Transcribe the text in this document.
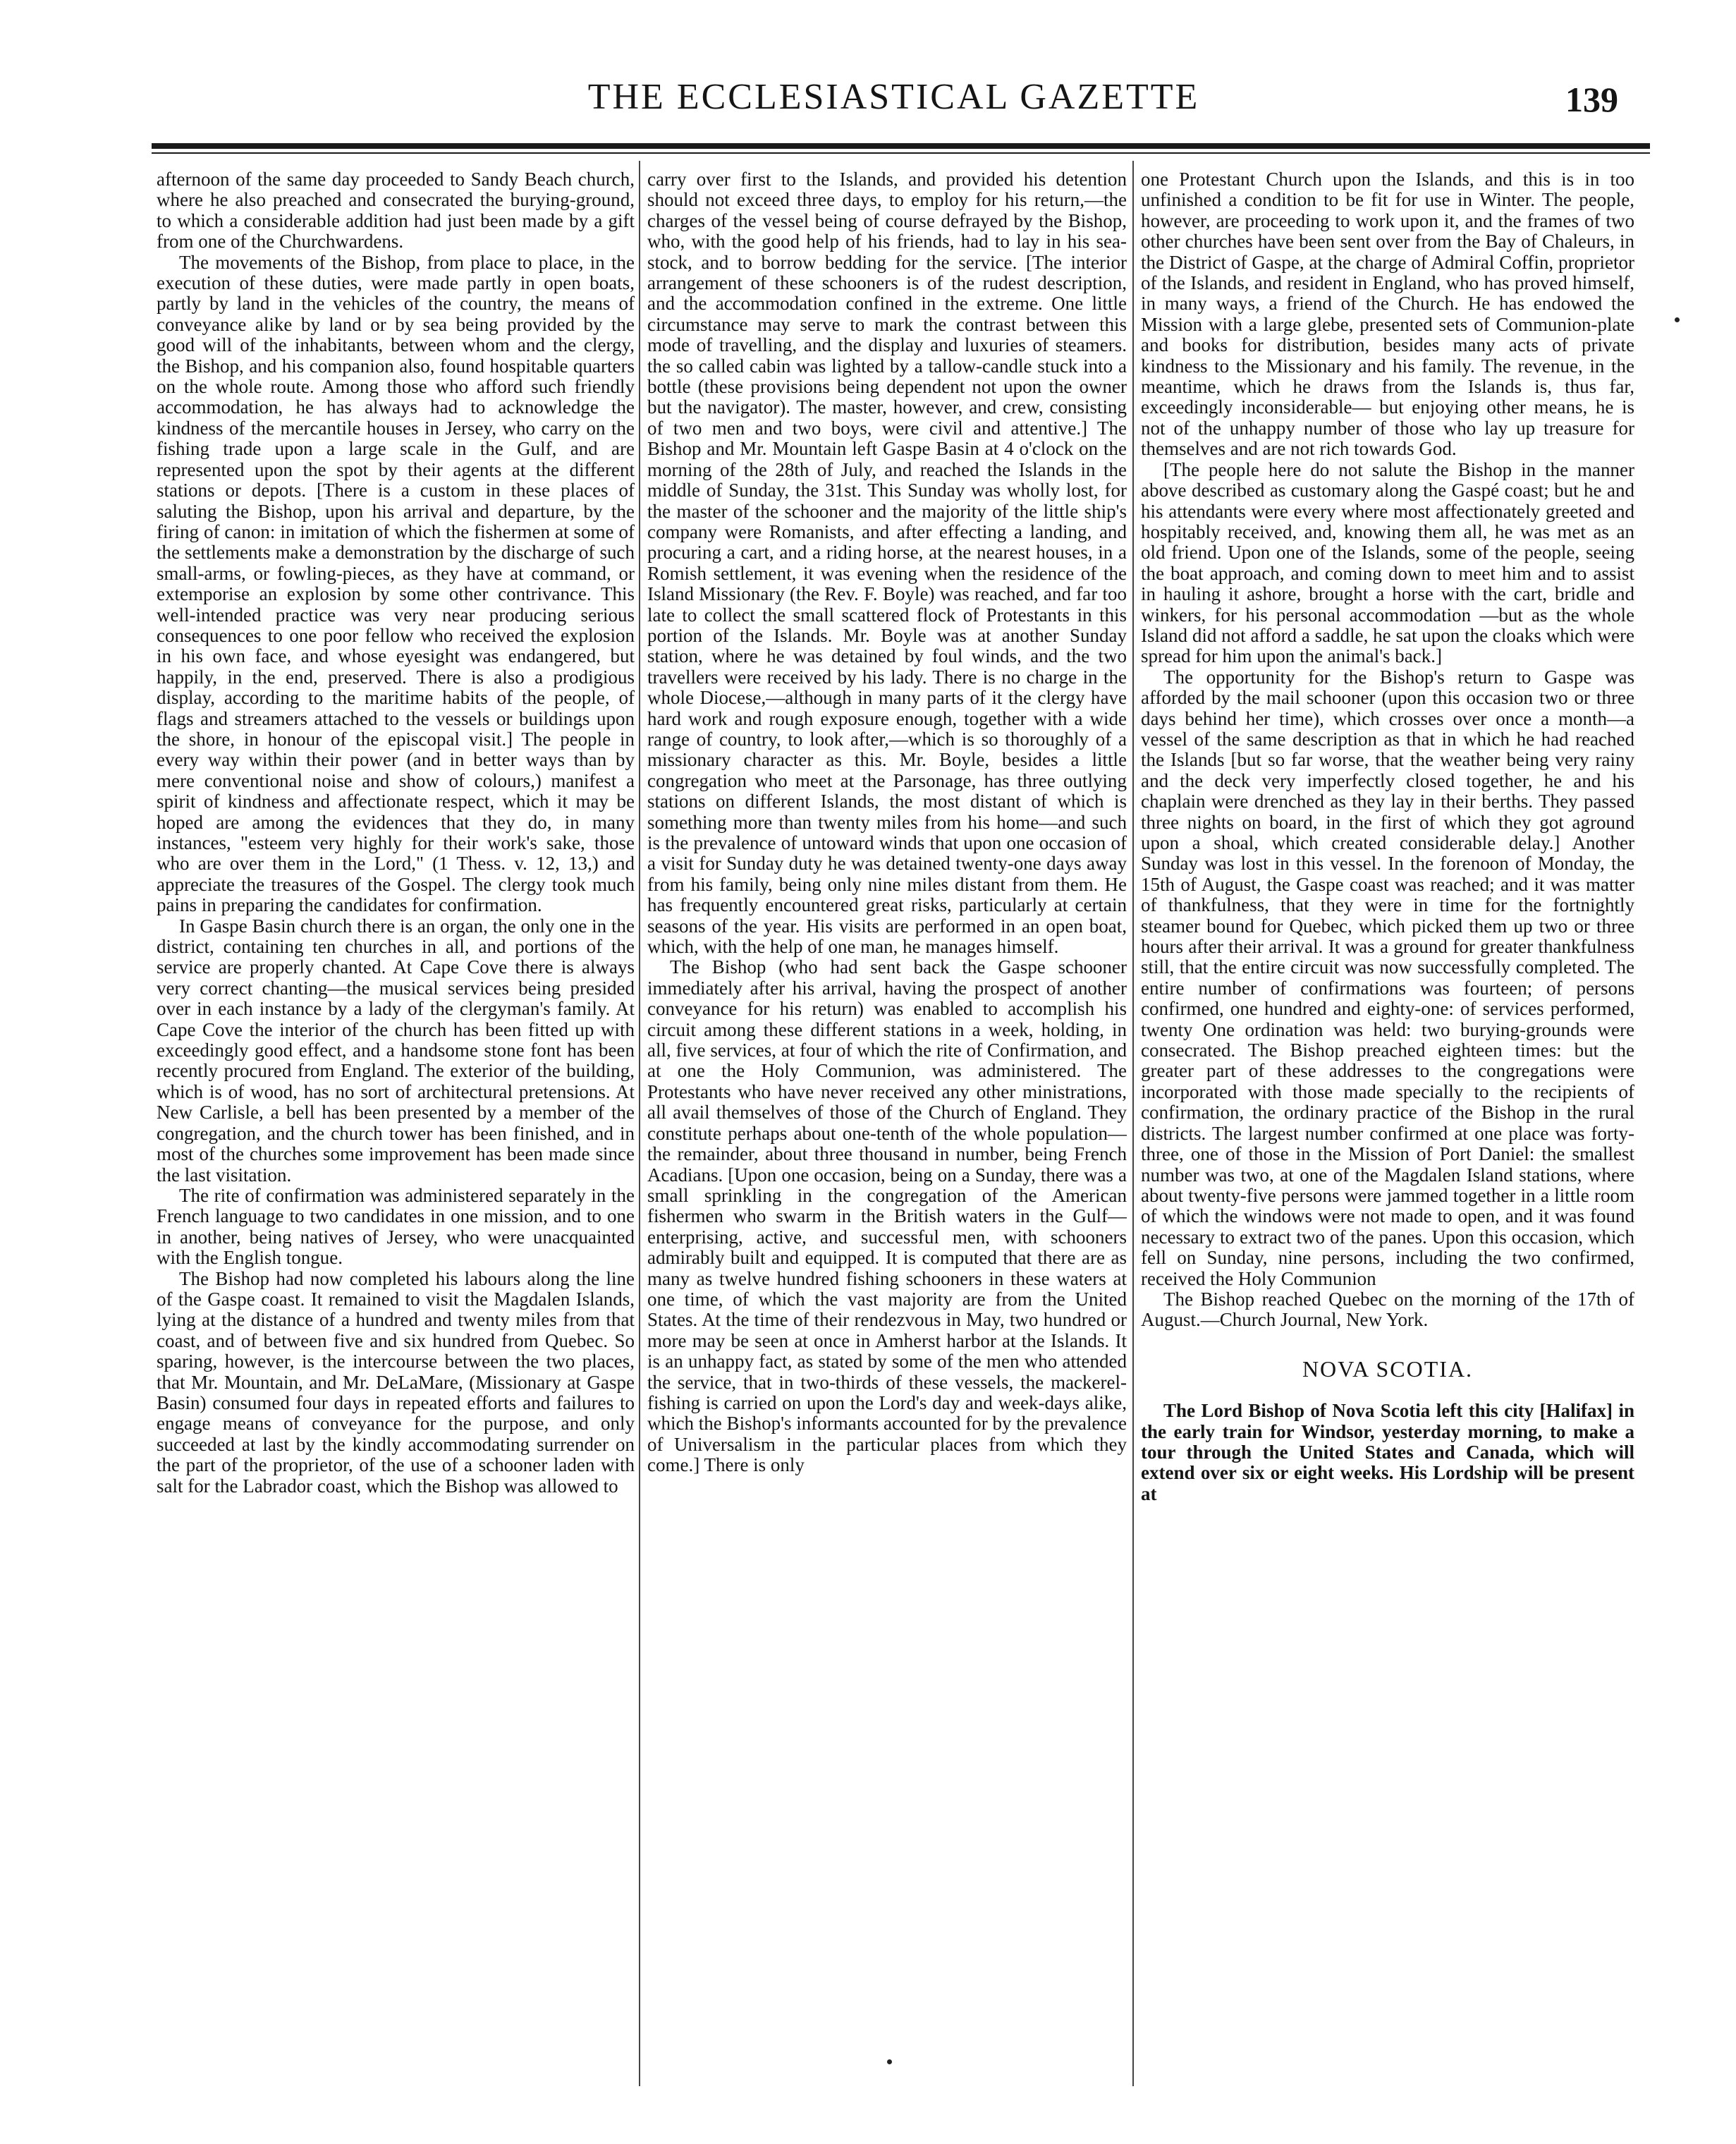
THE ECCLESIASTICAL GAZETTE	139

afternoon of the same day proceeded to Sandy Beach church, where he also preached and consecrated the burying-ground, to which a considerable addition had just been made by a gift from one of the Churchwardens.

The movements of the Bishop, from place to place, in the execution of these duties, were made partly in open boats, partly by land in the vehicles of the country, the means of conveyance alike by land or by sea being provided by the good will of the inhabitants, between whom and the clergy, the Bishop, and his companion also, found hospitable quarters on the whole route. Among those who afford such friendly accommodation, he has always had to acknowledge the kindness of the mercantile houses in Jersey, who carry on the fishing trade upon a large scale in the Gulf, and are represented upon the spot by their agents at the different stations or depots. [There is a custom in these places of saluting the Bishop, upon his arrival and departure, by the firing of canon: in imitation of which the fishermen at some of the settlements make a demonstration by the discharge of such small-arms, or fowling-pieces, as they have at command, or extemporise an explosion by some other contrivance. This well-intended practice was very near producing serious consequences to one poor fellow who received the explosion in his own face, and whose eyesight was endangered, but happily, in the end, preserved. There is also a prodigious display, according to the maritime habits of the people, of flags and streamers attached to the vessels or buildings upon the shore, in honour of the episcopal visit.] The people in every way within their power (and in better ways than by mere conventional noise and show of colours,) manifest a spirit of kindness and affectionate respect, which it may be hoped are among the evidences that they do, in many instances, "esteem very highly for their work's sake, those who are over them in the Lord," (1 Thess. v. 12, 13,) and appreciate the treasures of the Gospel. The clergy took much pains in preparing the candidates for confirmation.

In Gaspe Basin church there is an organ, the only one in the district, containing ten churches in all, and portions of the service are properly chanted. At Cape Cove there is always very correct chanting—the musical services being presided over in each instance by a lady of the clergyman's family. At Cape Cove the interior of the church has been fitted up with exceedingly good effect, and a handsome stone font has been recently procured from England. The exterior of the building, which is of wood, has no sort of architectural pretensions. At New Carlisle, a bell has been presented by a member of the congregation, and the church tower has been finished, and in most of the churches some improvement has been made since the last visitation.

The rite of confirmation was administered separately in the French language to two candidates in one mission, and to one in another, being natives of Jersey, who were unacquainted with the English tongue.

The Bishop had now completed his labours along the line of the Gaspe coast. It remained to visit the Magdalen Islands, lying at the distance of a hundred and twenty miles from that coast, and of between five and six hundred from Quebec. So sparing, however, is the intercourse between the two places, that Mr. Mountain, and Mr. DeLaMare, (Missionary at Gaspe Basin) consumed four days in repeated efforts and failures to engage means of conveyance for the purpose, and only succeeded at last by the kindly accommodating surrender on the part of the proprietor, of the use of a schooner laden with salt for the Labrador coast, which the Bishop was allowed to

carry over first to the Islands, and provided his detention should not exceed three days, to employ for his return,—the charges of the vessel being of course defrayed by the Bishop, who, with the good help of his friends, had to lay in his sea-stock, and to borrow bedding for the service. [The interior arrangement of these schooners is of the rudest description, and the accommodation confined in the extreme. One little circumstance may serve to mark the contrast between this mode of travelling, and the display and luxuries of steamers. the so called cabin was lighted by a tallow-candle stuck into a bottle (these provisions being dependent not upon the owner but the navigator). The master, however, and crew, consisting of two men and two boys, were civil and attentive.] The Bishop and Mr. Mountain left Gaspe Basin at 4 o'clock on the morning of the 28th of July, and reached the Islands in the middle of Sunday, the 31st. This Sunday was wholly lost, for the master of the schooner and the majority of the little ship's company were Romanists, and after effecting a landing, and procuring a cart, and a riding horse, at the nearest houses, in a Romish settlement, it was evening when the residence of the Island Missionary (the Rev. F. Boyle) was reached, and far too late to collect the small scattered flock of Protestants in this portion of the Islands. Mr. Boyle was at another Sunday station, where he was detained by foul winds, and the two travellers were received by his lady. There is no charge in the whole Diocese,—although in many parts of it the clergy have hard work and rough exposure enough, together with a wide range of country, to look after,—which is so thoroughly of a missionary character as this. Mr. Boyle, besides a little congregation who meet at the Parsonage, has three outlying stations on different Islands, the most distant of which is something more than twenty miles from his home—and such is the prevalence of untoward winds that upon one occasion of a visit for Sunday duty he was detained twenty-one days away from his family, being only nine miles distant from them. He has frequently encountered great risks, particularly at certain seasons of the year. His visits are performed in an open boat, which, with the help of one man, he manages himself.

The Bishop (who had sent back the Gaspe schooner immediately after his arrival, having the prospect of another conveyance for his return) was enabled to accomplish his circuit among these different stations in a week, holding, in all, five services, at four of which the rite of Confirmation, and at one the Holy Communion, was administered. The Protestants who have never received any other ministrations, all avail themselves of those of the Church of England. They constitute perhaps about one-tenth of the whole population—the remainder, about three thousand in number, being French Acadians. [Upon one occasion, being on a Sunday, there was a small sprinkling in the congregation of the American fishermen who swarm in the British waters in the Gulf—enterprising, active, and successful men, with schooners admirably built and equipped. It is computed that there are as many as twelve hundred fishing schooners in these waters at one time, of which the vast majority are from the United States. At the time of their rendezvous in May, two hundred or more may be seen at once in Amherst harbor at the Islands. It is an unhappy fact, as stated by some of the men who attended the service, that in two-thirds of these vessels, the mackerel-fishing is carried on upon the Lord's day and week-days alike, which the Bishop's informants accounted for by the prevalence of Universalism in the particular places from which they come.] There is only

one Protestant Church upon the Islands, and this is in too unfinished a condition to be fit for use in Winter. The people, however, are proceeding to work upon it, and the frames of two other churches have been sent over from the Bay of Chaleurs, in the District of Gaspe, at the charge of Admiral Coffin, proprietor of the Islands, and resident in England, who has proved himself, in many ways, a friend of the Church. He has endowed the Mission with a large glebe, presented sets of Communion-plate and books for distribution, besides many acts of private kindness to the Missionary and his family. The revenue, in the meantime, which he draws from the Islands is, thus far, exceedingly inconsiderable— but enjoying other means, he is not of the unhappy number of those who lay up treasure for themselves and are not rich towards God.

[The people here do not salute the Bishop in the manner above described as customary along the Gaspé coast; but he and his attendants were every where most affectionately greeted and hospitably received, and, knowing them all, he was met as an old friend. Upon one of the Islands, some of the people, seeing the boat approach, and coming down to meet him and to assist in hauling it ashore, brought a horse with the cart, bridle and winkers, for his personal accommodation —but as the whole Island did not afford a saddle, he sat upon the cloaks which were spread for him upon the animal's back.]

The opportunity for the Bishop's return to Gaspe was afforded by the mail schooner (upon this occasion two or three days behind her time), which crosses over once a month—a vessel of the same description as that in which he had reached the Islands [but so far worse, that the weather being very rainy and the deck very imperfectly closed together, he and his chaplain were drenched as they lay in their berths. They passed three nights on board, in the first of which they got aground upon a shoal, which created considerable delay.] Another Sunday was lost in this vessel. In the forenoon of Monday, the 15th of August, the Gaspe coast was reached; and it was matter of thankfulness, that they were in time for the fortnightly steamer bound for Quebec, which picked them up two or three hours after their arrival. It was a ground for greater thankfulness still, that the entire circuit was now successfully completed. The entire number of confirmations was fourteen; of persons confirmed, one hundred and eighty-one: of services performed, twenty One ordination was held: two burying-grounds were consecrated. The Bishop preached eighteen times: but the greater part of these addresses to the congregations were incorporated with those made specially to the recipients of confirmation, the ordinary practice of the Bishop in the rural districts. The largest number confirmed at one place was forty-three, one of those in the Mission of Port Daniel: the smallest number was two, at one of the Magdalen Island stations, where about twenty-five persons were jammed together in a little room of which the windows were not made to open, and it was found necessary to extract two of the panes. Upon this occasion, which fell on Sunday, nine persons, including the two confirmed, received the Holy Communion

The Bishop reached Quebec on the morning of the 17th of August.—Church Journal, New York.

NOVA SCOTIA.

The Lord Bishop of Nova Scotia left this city [Halifax] in the early train for Windsor, yesterday morning, to make a tour through the United States and Canada, which will extend over six or eight weeks. His Lordship will be present at
